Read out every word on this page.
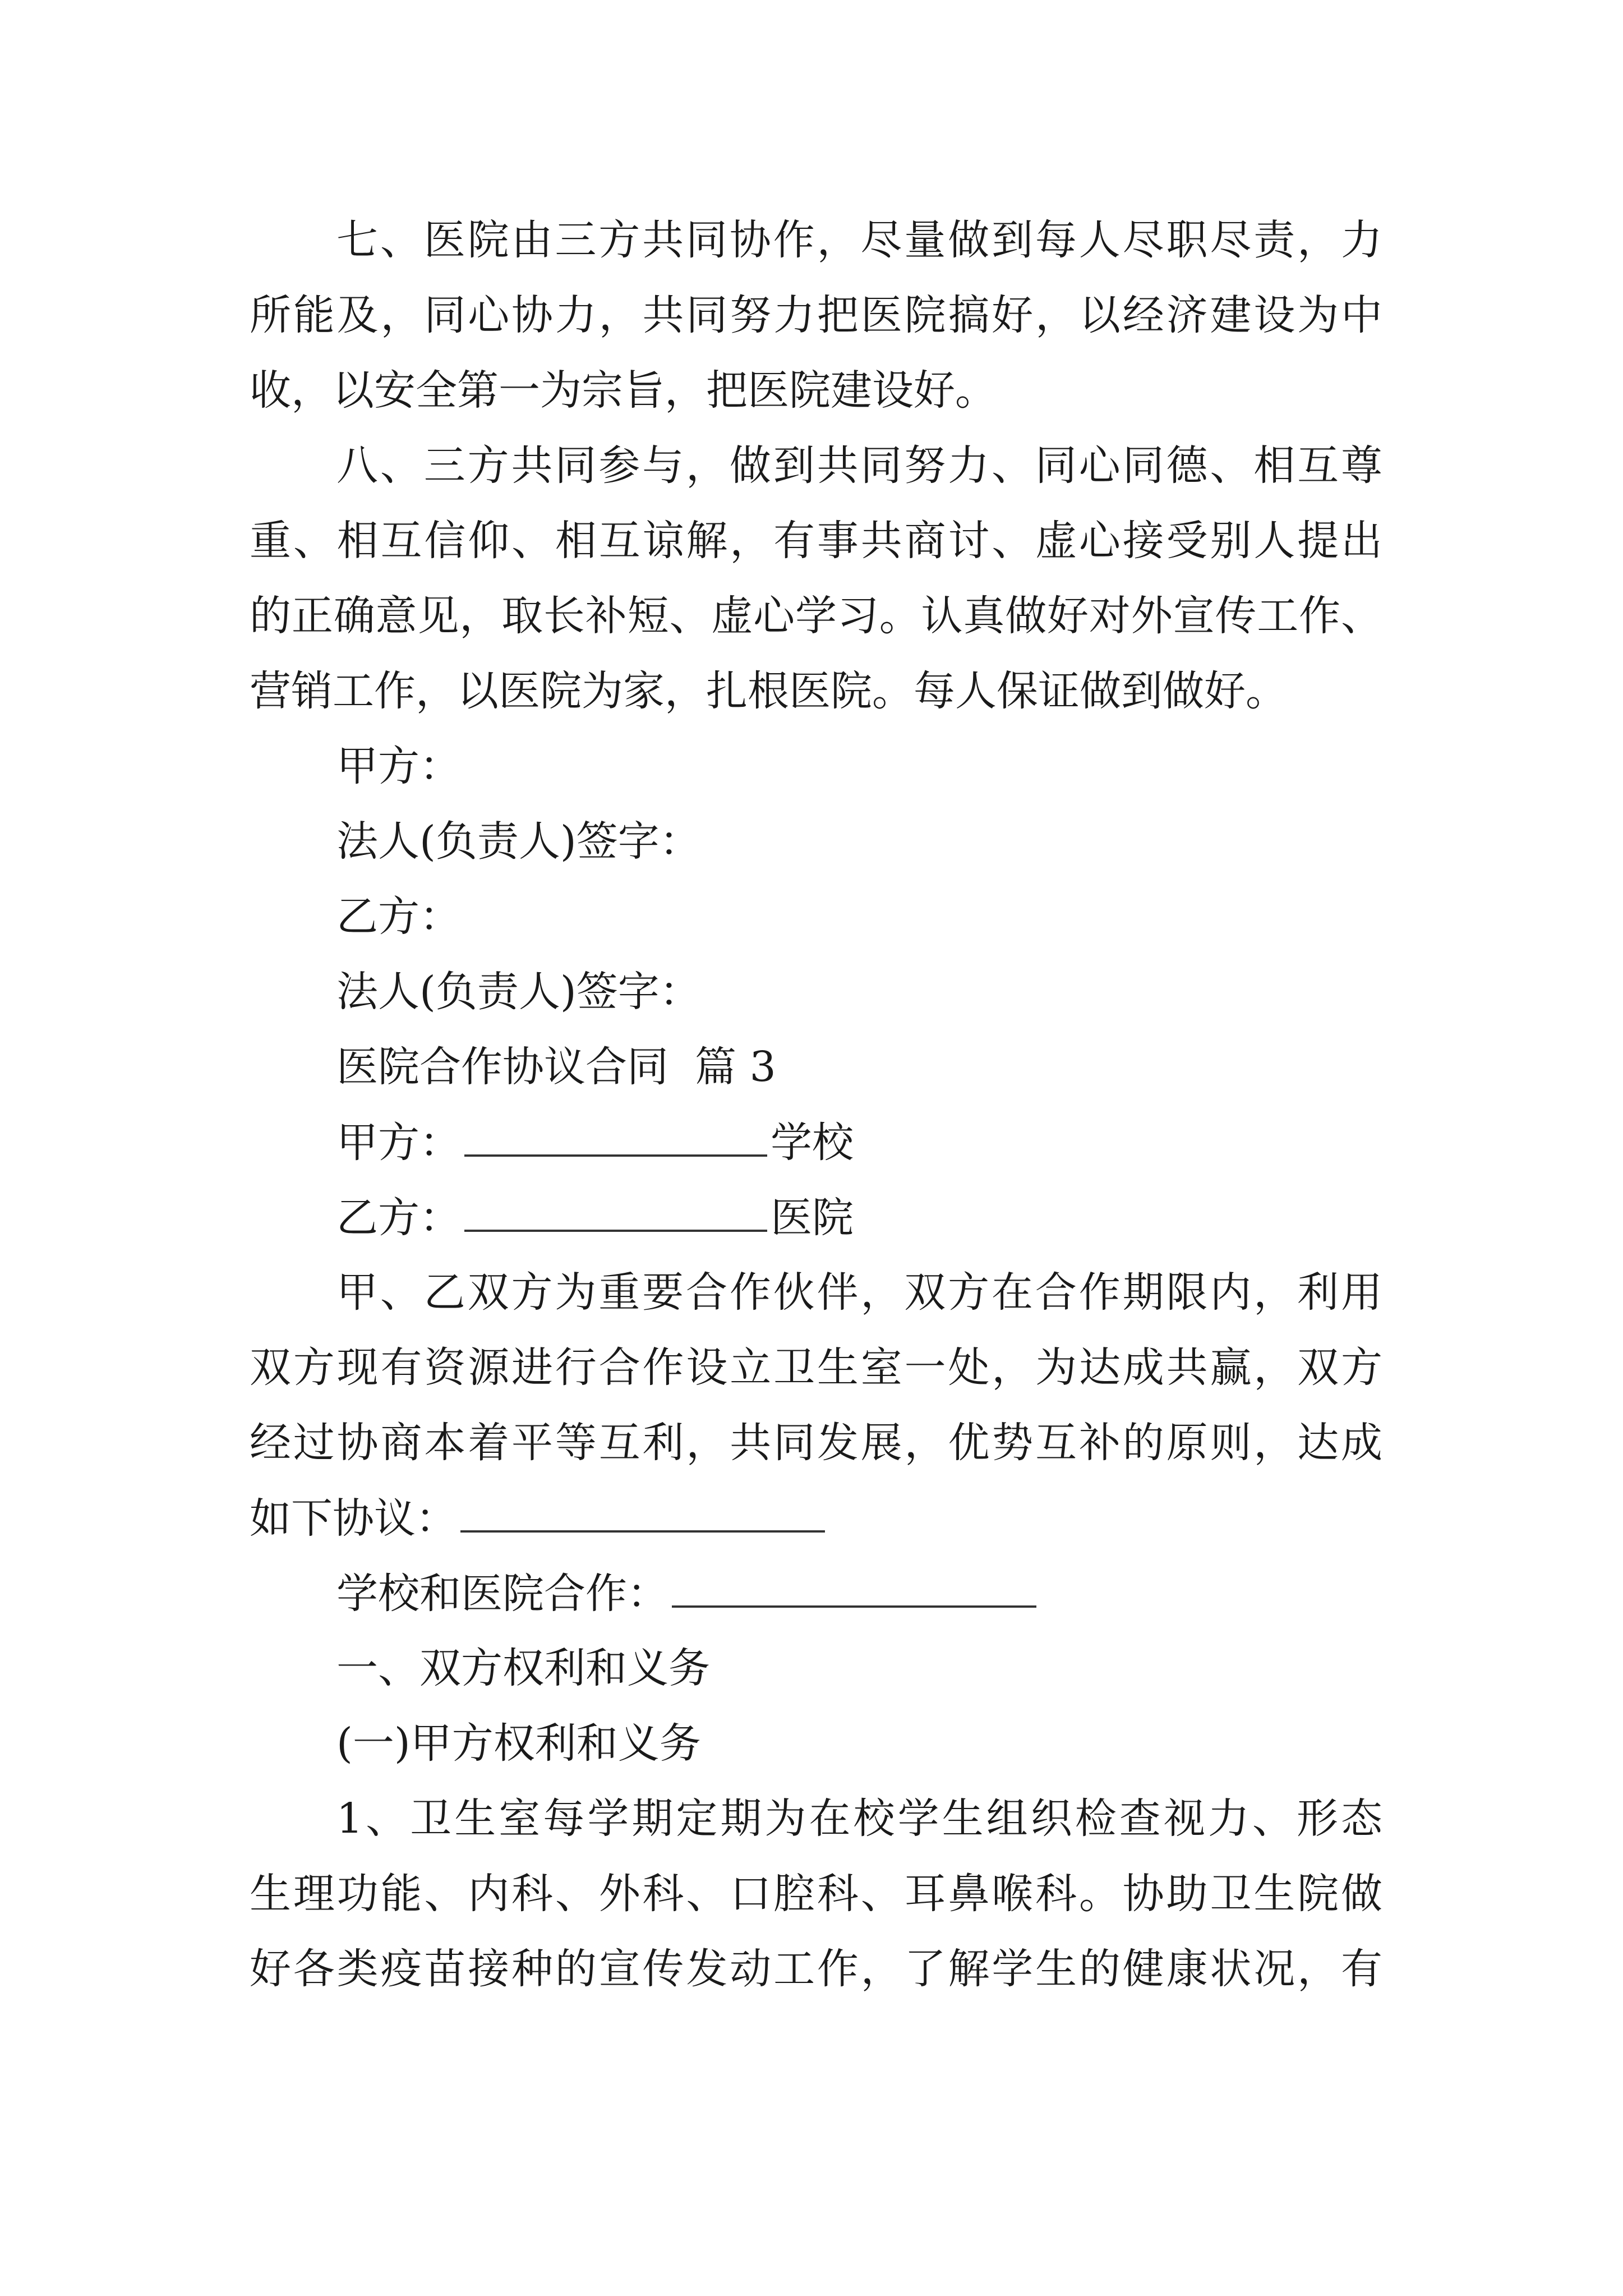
七、医院由三方共同协作，尽量做到每人尽职尽责，力
所能及，同心协力，共同努力把医院搞好，以经济建设为中
收，以安全第一为宗旨，把医院建设好。
八、三方共同参与，做到共同努力、同心同德、相互尊
重、相互信仰、相互谅解，有事共商讨、虚心接受别人提出
的正确意见，取长补短、虚心学习。认真做好对外宣传工作、
营销工作，以医院为家，扎根医院。每人保证做到做好。
甲方：
法人(负责人)签字：
乙方：
法人(负责人)签字：
医院合作协议合同  篇 3
甲方：	学校
乙方：	医院
甲、乙双方为重要合作伙伴，双方在合作期限内，利用
双方现有资源进行合作设立卫生室一处，为达成共赢，双方
经过协商本着平等互利，共同发展，优势互补的原则，达成
如下协议：
学校和医院合作：
一、双方权利和义务
(一)甲方权利和义务
1、卫生室每学期定期为在校学生组织检查视力、形态
生理功能、内科、外科、口腔科、耳鼻喉科。协助卫生院做
好各类疫苗接种的宣传发动工作，了解学生的健康状况，有
